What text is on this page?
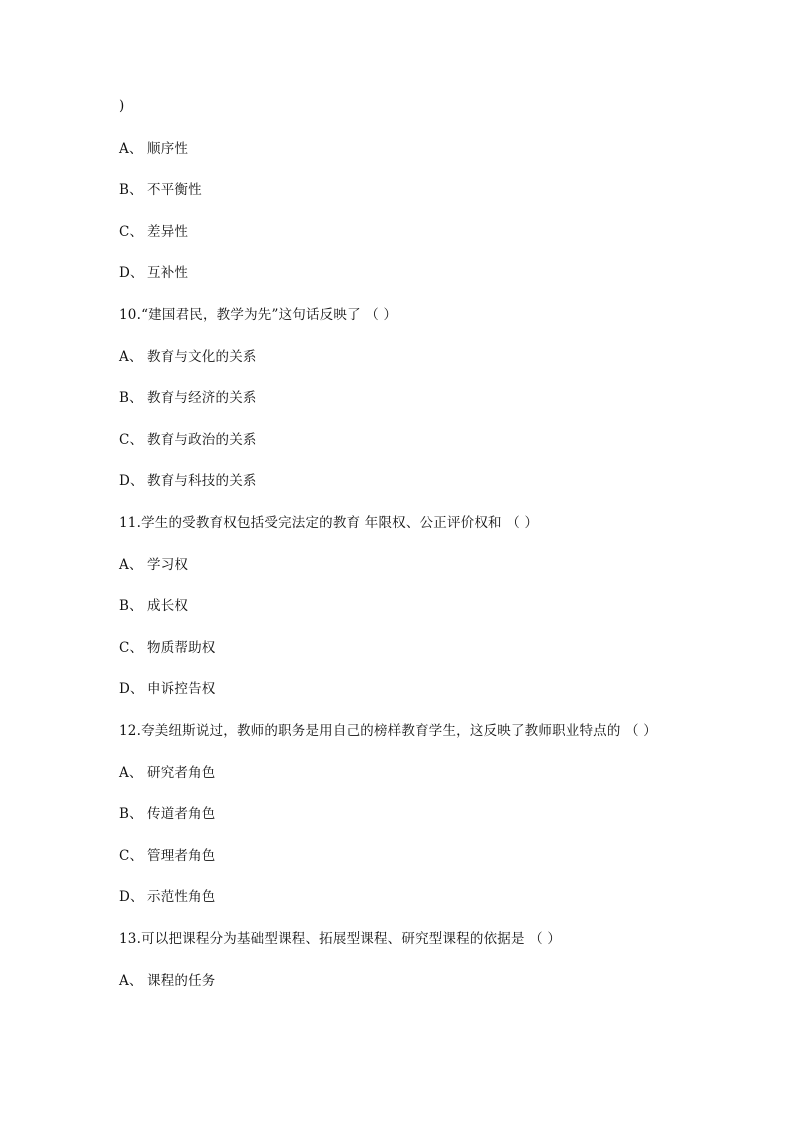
)
A、 顺序性
B、 不平衡性
C、 差异性
D、 互补性
10.“建国君民，教学为先”这句话反映了 （ ）
A、 教育与文化的关系
B、 教育与经济的关系
C、 教育与政治的关系
D、 教育与科技的关系
11.学生的受教育权包括受完法定的教育 年限权、公正评价权和 （ ）
A、 学习权
B、 成长权
C、 物质帮助权
D、 申诉控告权
12.夸美纽斯说过，教师的职务是用自己的榜样教育学生，这反映了教师职业特点的 （ ）
A、 研究者角色
B、 传道者角色
C、 管理者角色
D、 示范性角色
13.可以把课程分为基础型课程、拓展型课程、研究型课程的依据是 （ ）
A、 课程的任务
